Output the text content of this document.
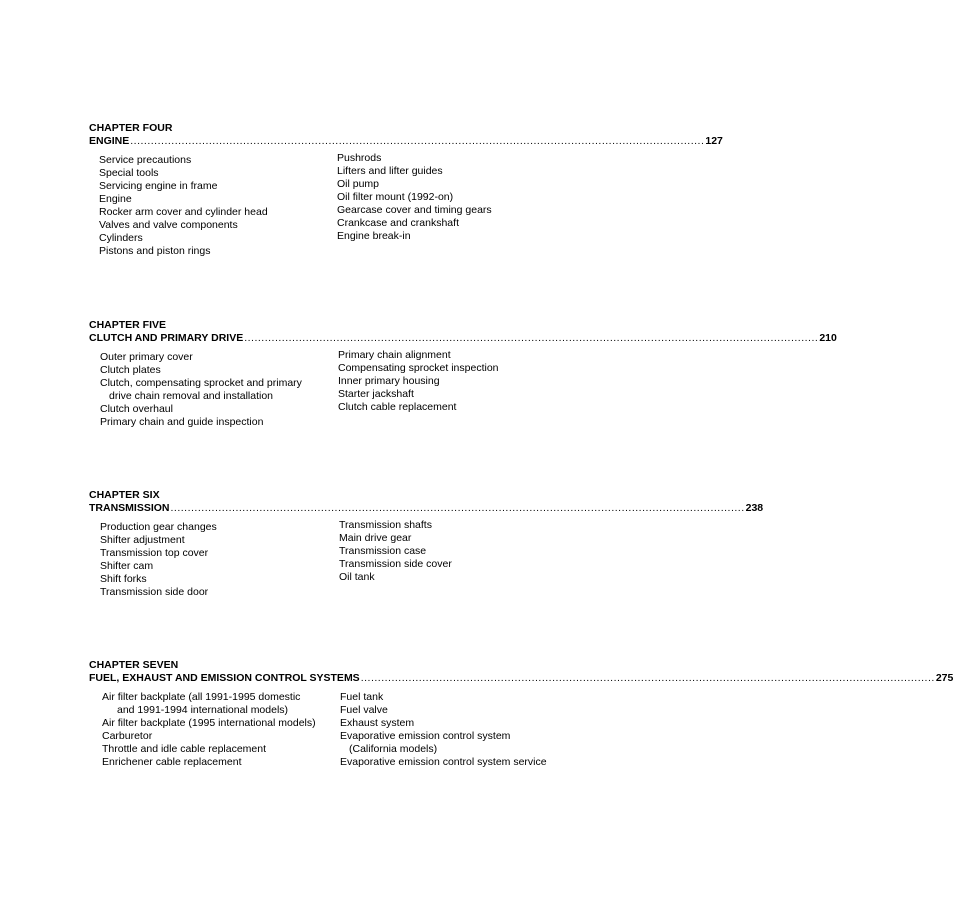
CHAPTER FOUR
ENGINE ........................................................................................................................................................................ 127
Service precautions
Special tools
Servicing engine in frame
Engine
Rocker arm cover and cylinder head
Valves and valve components
Cylinders
Pistons and piston rings
Pushrods
Lifters and lifter guides
Oil pump
Oil filter mount (1992-on)
Gearcase cover and timing gears
Crankcase and crankshaft
Engine break-in
CHAPTER FIVE
CLUTCH AND PRIMARY DRIVE ........................................................................................................................................................................ 210
Outer primary cover
Clutch plates
Clutch, compensating sprocket and primary
drive chain removal and installation
Clutch overhaul
Primary chain and guide inspection
Primary chain alignment
Compensating sprocket inspection
Inner primary housing
Starter jackshaft
Clutch cable replacement
CHAPTER SIX
TRANSMISSION ........................................................................................................................................................................ 238
Production gear changes
Shifter adjustment
Transmission top cover
Shifter cam
Shift forks
Transmission side door
Transmission shafts
Main drive gear
Transmission case
Transmission side cover
Oil tank
CHAPTER SEVEN
FUEL, EXHAUST AND EMISSION CONTROL SYSTEMS ........................................................................................................................................................................ 275
Air filter backplate (all 1991-1995 domestic
and 1991-1994 international models)
Air filter backplate (1995 international models)
Carburetor
Throttle and idle cable replacement
Enrichener cable replacement
Fuel tank
Fuel valve
Exhaust system
Evaporative emission control system
(California models)
Evaporative emission control system service
